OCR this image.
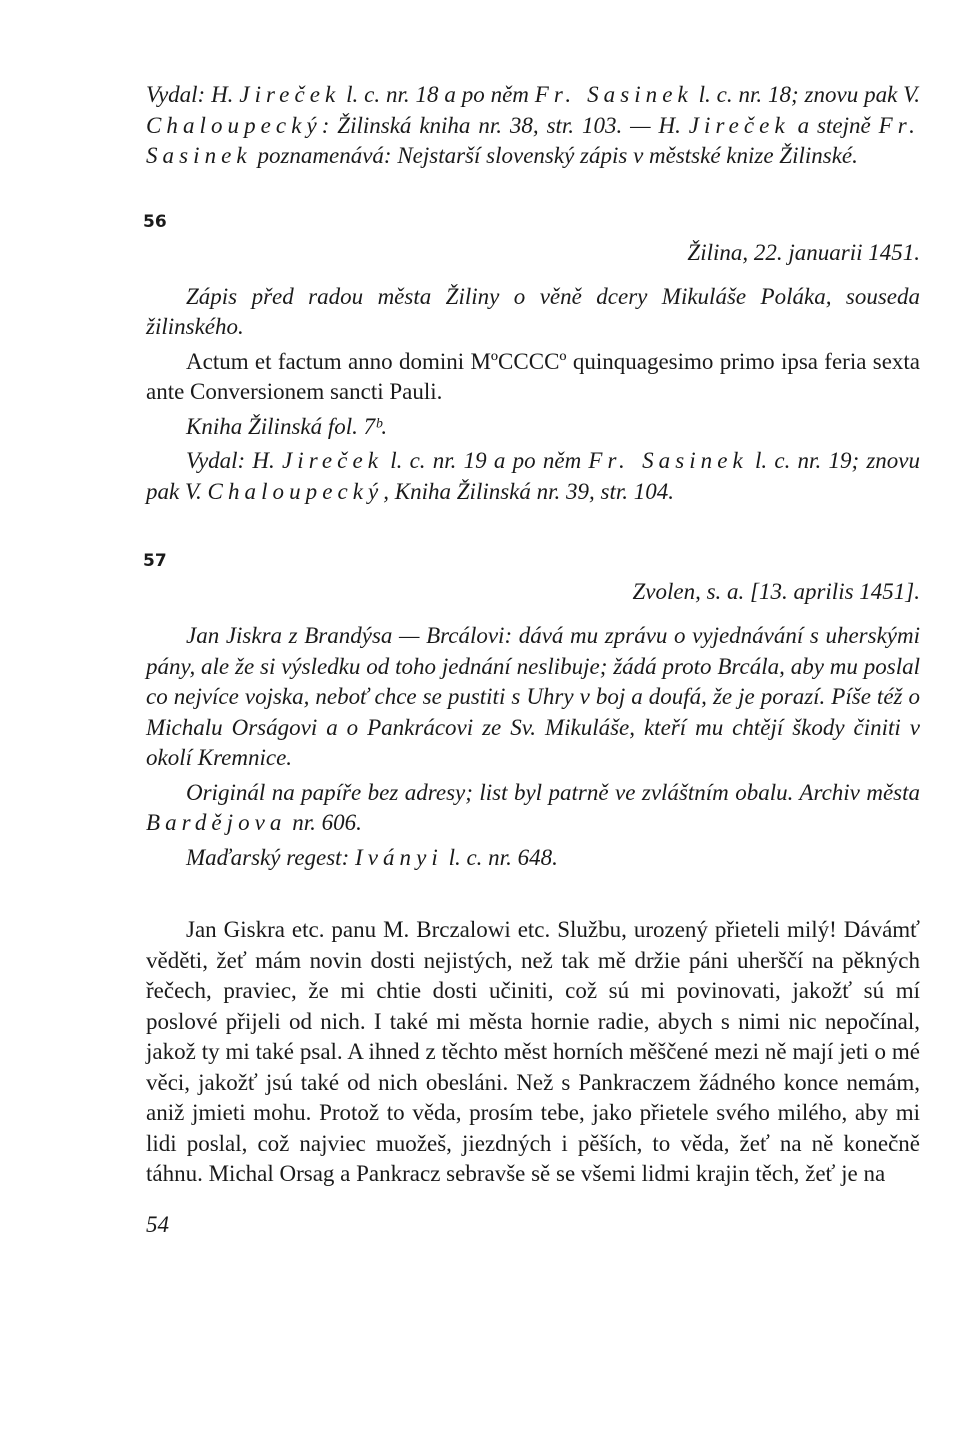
Vydal: H. Jireček l. c. nr. 18 a po něm Fr. Sasinek l. c. nr. 18; znovu pak V. Chaloupecký: Žilinská kniha nr. 38, str. 103. — H. Jireček a stejně Fr. Sasinek poznamenává: Nejstarší slovenský zápis v městské knize Žilinské.

56
Žilina, 22. januarii 1451.

Zápis před radou města Žiliny o věně dcery Mikuláše Poláka, souseda žilinského.

Actum et factum anno domini MºCCCCº quinquagesimo primo ipsa feria sexta ante Conversionem sancti Pauli.

Kniha Žilinská fol. 7ᵇ.

Vydal: H. Jireček l. c. nr. 19 a po něm Fr. Sasinek l. c. nr. 19; znovu pak V. Chaloupecký, Kniha Žilinská nr. 39, str. 104.

57
Zvolen, s. a. [13. aprilis 1451].

Jan Jiskra z Brandýsa — Brcálovi: dává mu zprávu o vyjednávání s uherskými pány, ale že si výsledku od toho jednání neslibuje; žádá proto Brcála, aby mu poslal co nejvíce vojska, neboť chce se pustiti s Uhry v boj a doufá, že je porazí. Píše též o Michalu Orságovi a o Pankrácovi ze Sv. Mikuláše, kteří mu chtějí škody činiti v okolí Kremnice.

Originál na papíře bez adresy; list byl patrně ve zvláštním obalu. Archiv města Bardějova nr. 606.

Maďarský regest: Iványi l. c. nr. 648.

Jan Giskra etc. panu M. Brczalowi etc. Službu, urozený přieteli milý! Dávámť věděti, žeť mám novin dosti nejistých, než tak mě držie páni uherščí na pěkných řečech, praviec, že mi chtie dosti učiniti, což sú mi povinovati, jakožť sú mí poslové přijeli od nich. I také mi města hornie radie, abych s nimi nic nepočínal, jakož ty mi také psal. A ihned z těchto měst horních měščené mezi ně mají jeti o mé věci, jakožť jsú také od nich obesláni. Než s Pankraczem žádného konce nemám, aniž jmieti mohu. Protož to věda, prosím tebe, jako přietele svého milého, aby mi lidi poslal, což najviec muožeš, jiezdných i pěších, to věda, žeť na ně konečně táhnu. Michal Orsag a Pankracz sebravše sě se všemi lidmi krajin těch, žeť je na

54
